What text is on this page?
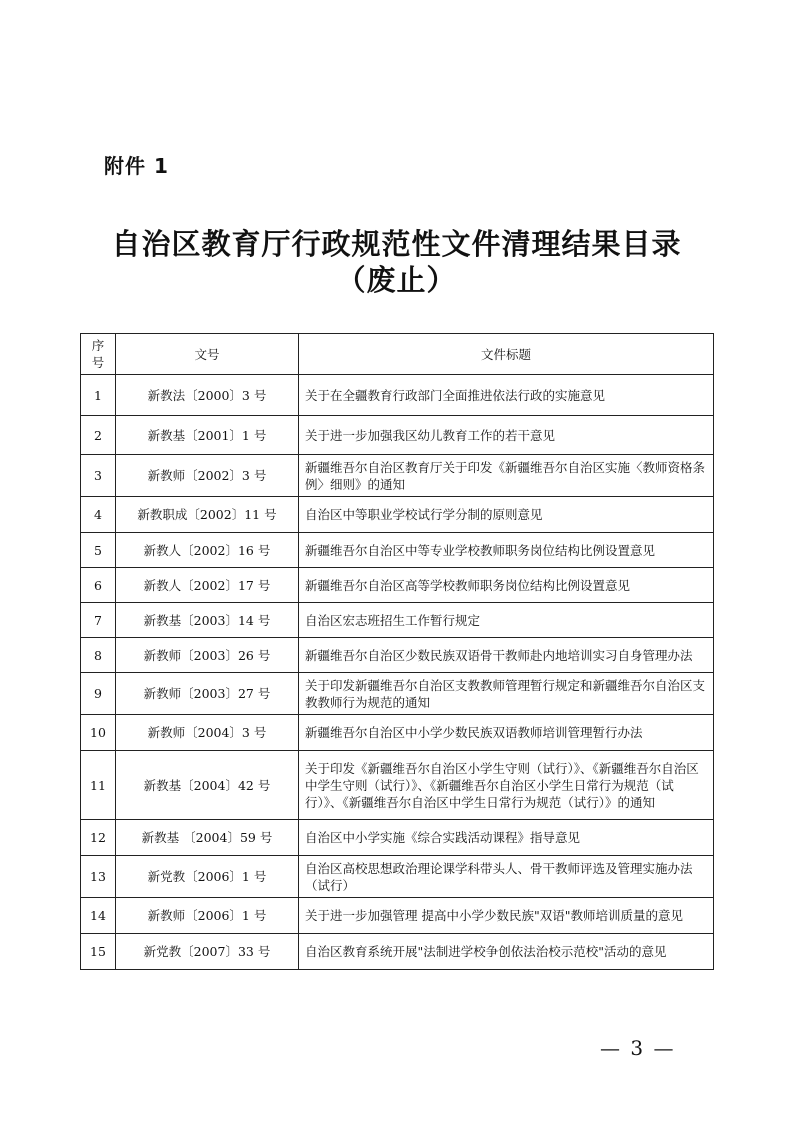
附件 1
自治区教育厅行政规范性文件清理结果目录
（废止）
序号	文号	文件标题
1	新教法〔2000〕3 号	关于在全疆教育行政部门全面推进依法行政的实施意见
2	新教基〔2001〕1 号	关于进一步加强我区幼儿教育工作的若干意见
3	新教师〔2002〕3 号	新疆维吾尔自治区教育厅关于印发《新疆维吾尔自治区实施〈教师资格条例〉细则》的通知
4	新教职成〔2002〕11 号	自治区中等职业学校试行学分制的原则意见
5	新教人〔2002〕16 号	新疆维吾尔自治区中等专业学校教师职务岗位结构比例设置意见
6	新教人〔2002〕17 号	新疆维吾尔自治区高等学校教师职务岗位结构比例设置意见
7	新教基〔2003〕14 号	自治区宏志班招生工作暂行规定
8	新教师〔2003〕26 号	新疆维吾尔自治区少数民族双语骨干教师赴内地培训实习自身管理办法
9	新教师〔2003〕27 号	关于印发新疆维吾尔自治区支教教师管理暂行规定和新疆维吾尔自治区支教教师行为规范的通知
10	新教师〔2004〕3 号	新疆维吾尔自治区中小学少数民族双语教师培训管理暂行办法
11	新教基〔2004〕42 号	关于印发《新疆维吾尔自治区小学生守则（试行）》、《新疆维吾尔自治区中学生守则（试行）》、《新疆维吾尔自治区小学生日常行为规范（试行）》、《新疆维吾尔自治区中学生日常行为规范（试行）》的通知
12	新教基 〔2004〕59 号	自治区中小学实施《综合实践活动课程》指导意见
13	新党教〔2006〕1 号	自治区高校思想政治理论课学科带头人、骨干教师评选及管理实施办法（试行）
14	新教师〔2006〕1 号	关于进一步加强管理 提高中小学少数民族"双语"教师培训质量的意见
15	新党教〔2007〕33 号	自治区教育系统开展"法制进学校争创依法治校示范校"活动的意见
— 3 —
